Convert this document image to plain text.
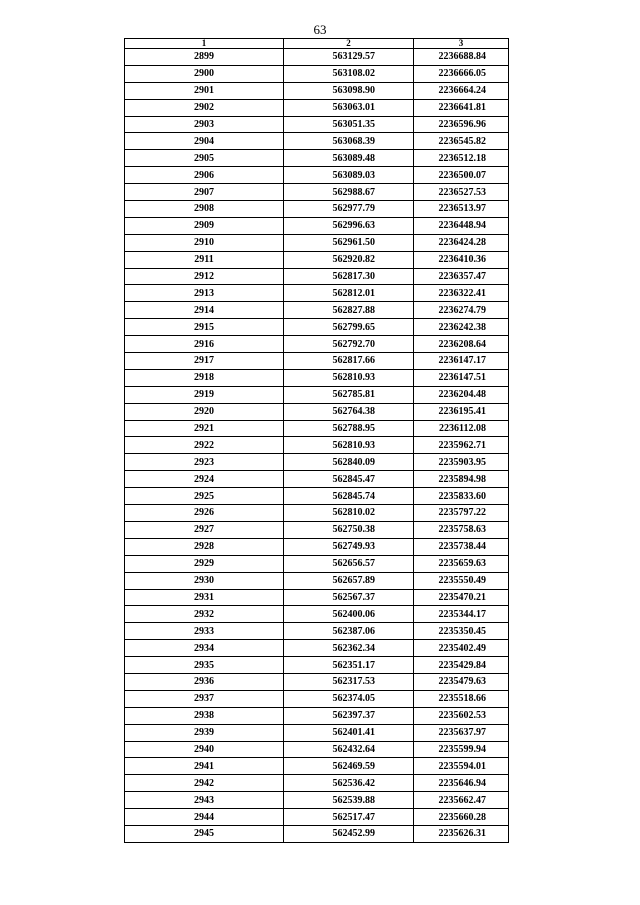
63
1	2	3
2899	563129.57	2236688.84
2900	563108.02	2236666.05
2901	563098.90	2236664.24
2902	563063.01	2236641.81
2903	563051.35	2236596.96
2904	563068.39	2236545.82
2905	563089.48	2236512.18
2906	563089.03	2236500.07
2907	562988.67	2236527.53
2908	562977.79	2236513.97
2909	562996.63	2236448.94
2910	562961.50	2236424.28
2911	562920.82	2236410.36
2912	562817.30	2236357.47
2913	562812.01	2236322.41
2914	562827.88	2236274.79
2915	562799.65	2236242.38
2916	562792.70	2236208.64
2917	562817.66	2236147.17
2918	562810.93	2236147.51
2919	562785.81	2236204.48
2920	562764.38	2236195.41
2921	562788.95	2236112.08
2922	562810.93	2235962.71
2923	562840.09	2235903.95
2924	562845.47	2235894.98
2925	562845.74	2235833.60
2926	562810.02	2235797.22
2927	562750.38	2235758.63
2928	562749.93	2235738.44
2929	562656.57	2235659.63
2930	562657.89	2235550.49
2931	562567.37	2235470.21
2932	562400.06	2235344.17
2933	562387.06	2235350.45
2934	562362.34	2235402.49
2935	562351.17	2235429.84
2936	562317.53	2235479.63
2937	562374.05	2235518.66
2938	562397.37	2235602.53
2939	562401.41	2235637.97
2940	562432.64	2235599.94
2941	562469.59	2235594.01
2942	562536.42	2235646.94
2943	562539.88	2235662.47
2944	562517.47	2235660.28
2945	562452.99	2235626.31
